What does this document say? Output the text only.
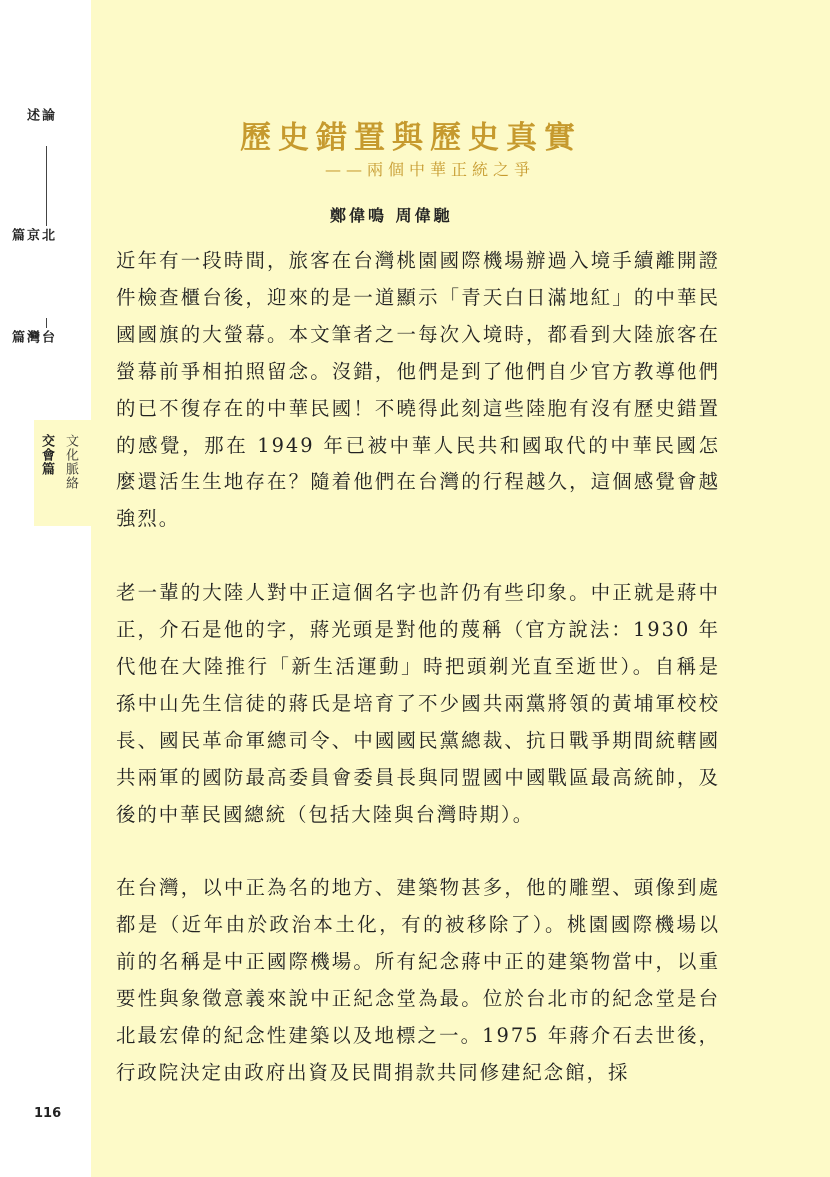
論述
北京篇
台灣篇
交會篇 文化脈絡
116
歷史錯置與歷史真實
——兩個中華正統之爭
鄭偉鳴 周偉馳

近年有一段時間，旅客在台灣桃園國際機場辦過入境手續離開證件檢查櫃台後，迎來的是一道顯示「青天白日滿地紅」的中華民國國旗的大螢幕。本文筆者之一每次入境時，都看到大陸旅客在螢幕前爭相拍照留念。沒錯，他們是到了他們自少官方教導他們的已不復存在的中華民國！不曉得此刻這些陸胞有沒有歷史錯置的感覺，那在 1949 年已被中華人民共和國取代的中華民國怎麼還活生生地存在？隨着他們在台灣的行程越久，這個感覺會越強烈。

老一輩的大陸人對中正這個名字也許仍有些印象。中正就是蔣中正，介石是他的字，蔣光頭是對他的蔑稱（官方說法：1930 年代他在大陸推行「新生活運動」時把頭剃光直至逝世）。自稱是孫中山先生信徒的蔣氏是培育了不少國共兩黨將領的黃埔軍校校長、國民革命軍總司令、中國國民黨總裁、抗日戰爭期間統轄國共兩軍的國防最高委員會委員長與同盟國中國戰區最高統帥，及後的中華民國總統（包括大陸與台灣時期）。

在台灣，以中正為名的地方、建築物甚多，他的雕塑、頭像到處都是（近年由於政治本土化，有的被移除了）。桃園國際機場以前的名稱是中正國際機場。所有紀念蔣中正的建築物當中，以重要性與象徵意義來說中正紀念堂為最。位於台北市的紀念堂是台北最宏偉的紀念性建築以及地標之一。1975 年蔣介石去世後，行政院決定由政府出資及民間捐款共同修建紀念館，採
